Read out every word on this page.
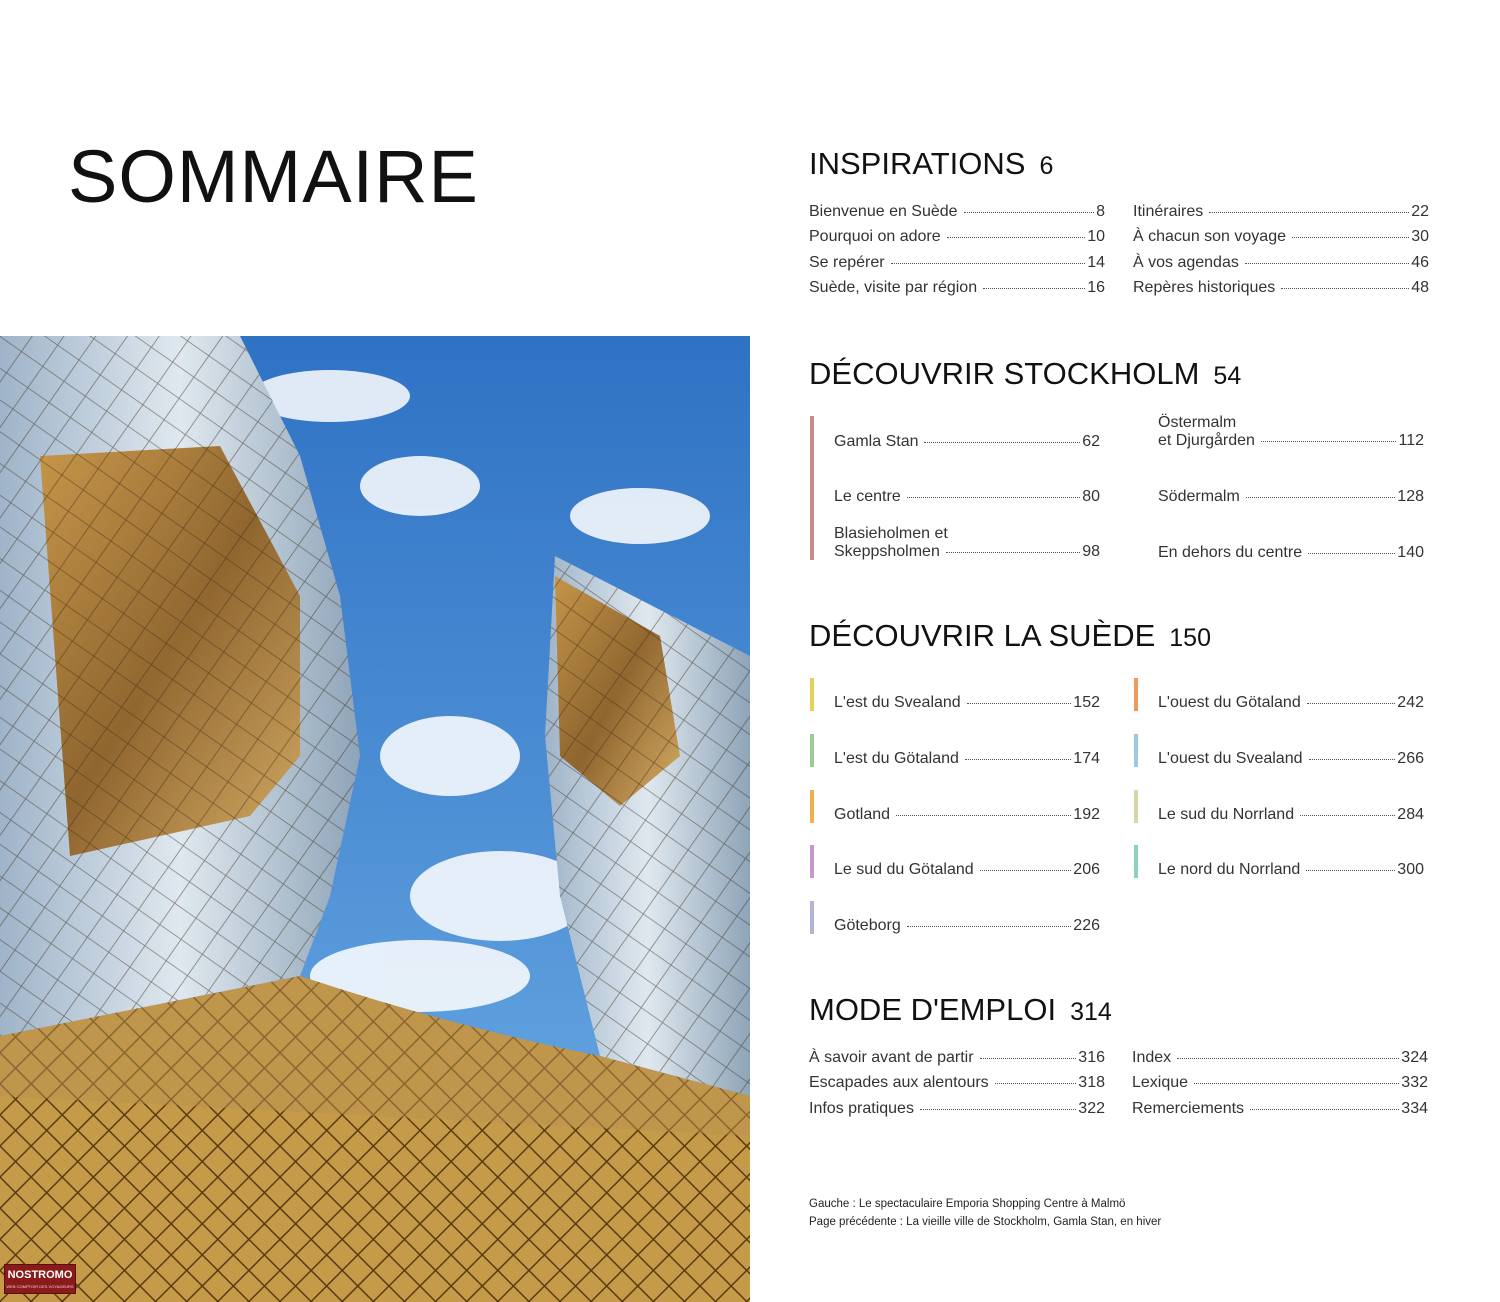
SOMMAIRE
NOSTROMO
WEB COMPTOIR DES VOYAGEURS
INSPIRATIONS 6
Bienvenue en Suède	8
Pourquoi on adore	10
Se repérer	14
Suède, visite par région	16
Itinéraires	22
À chacun son voyage	30
À vos agendas	46
Repères historiques	48
DÉCOUVRIR STOCKHOLM 54
Gamla Stan	62
Le centre	80
Blasieholmen et
Skeppsholmen	98
Östermalm
et Djurgården	112
Södermalm	128
En dehors du centre	140
DÉCOUVRIR LA SUÈDE 150
L'est du Svealand	152
L'est du Götaland	174
Gotland	192
Le sud du Götaland	206
Göteborg	226
L'ouest du Götaland	242
L'ouest du Svealand	266
Le sud du Norrland	284
Le nord du Norrland	300
MODE D'EMPLOI 314
À savoir avant de partir	316
Escapades aux alentours	318
Infos pratiques	322
Index	324
Lexique	332
Remerciements	334
Gauche : Le spectaculaire Emporia Shopping Centre à Malmö
Page précédente : La vieille ville de Stockholm, Gamla Stan, en hiver
